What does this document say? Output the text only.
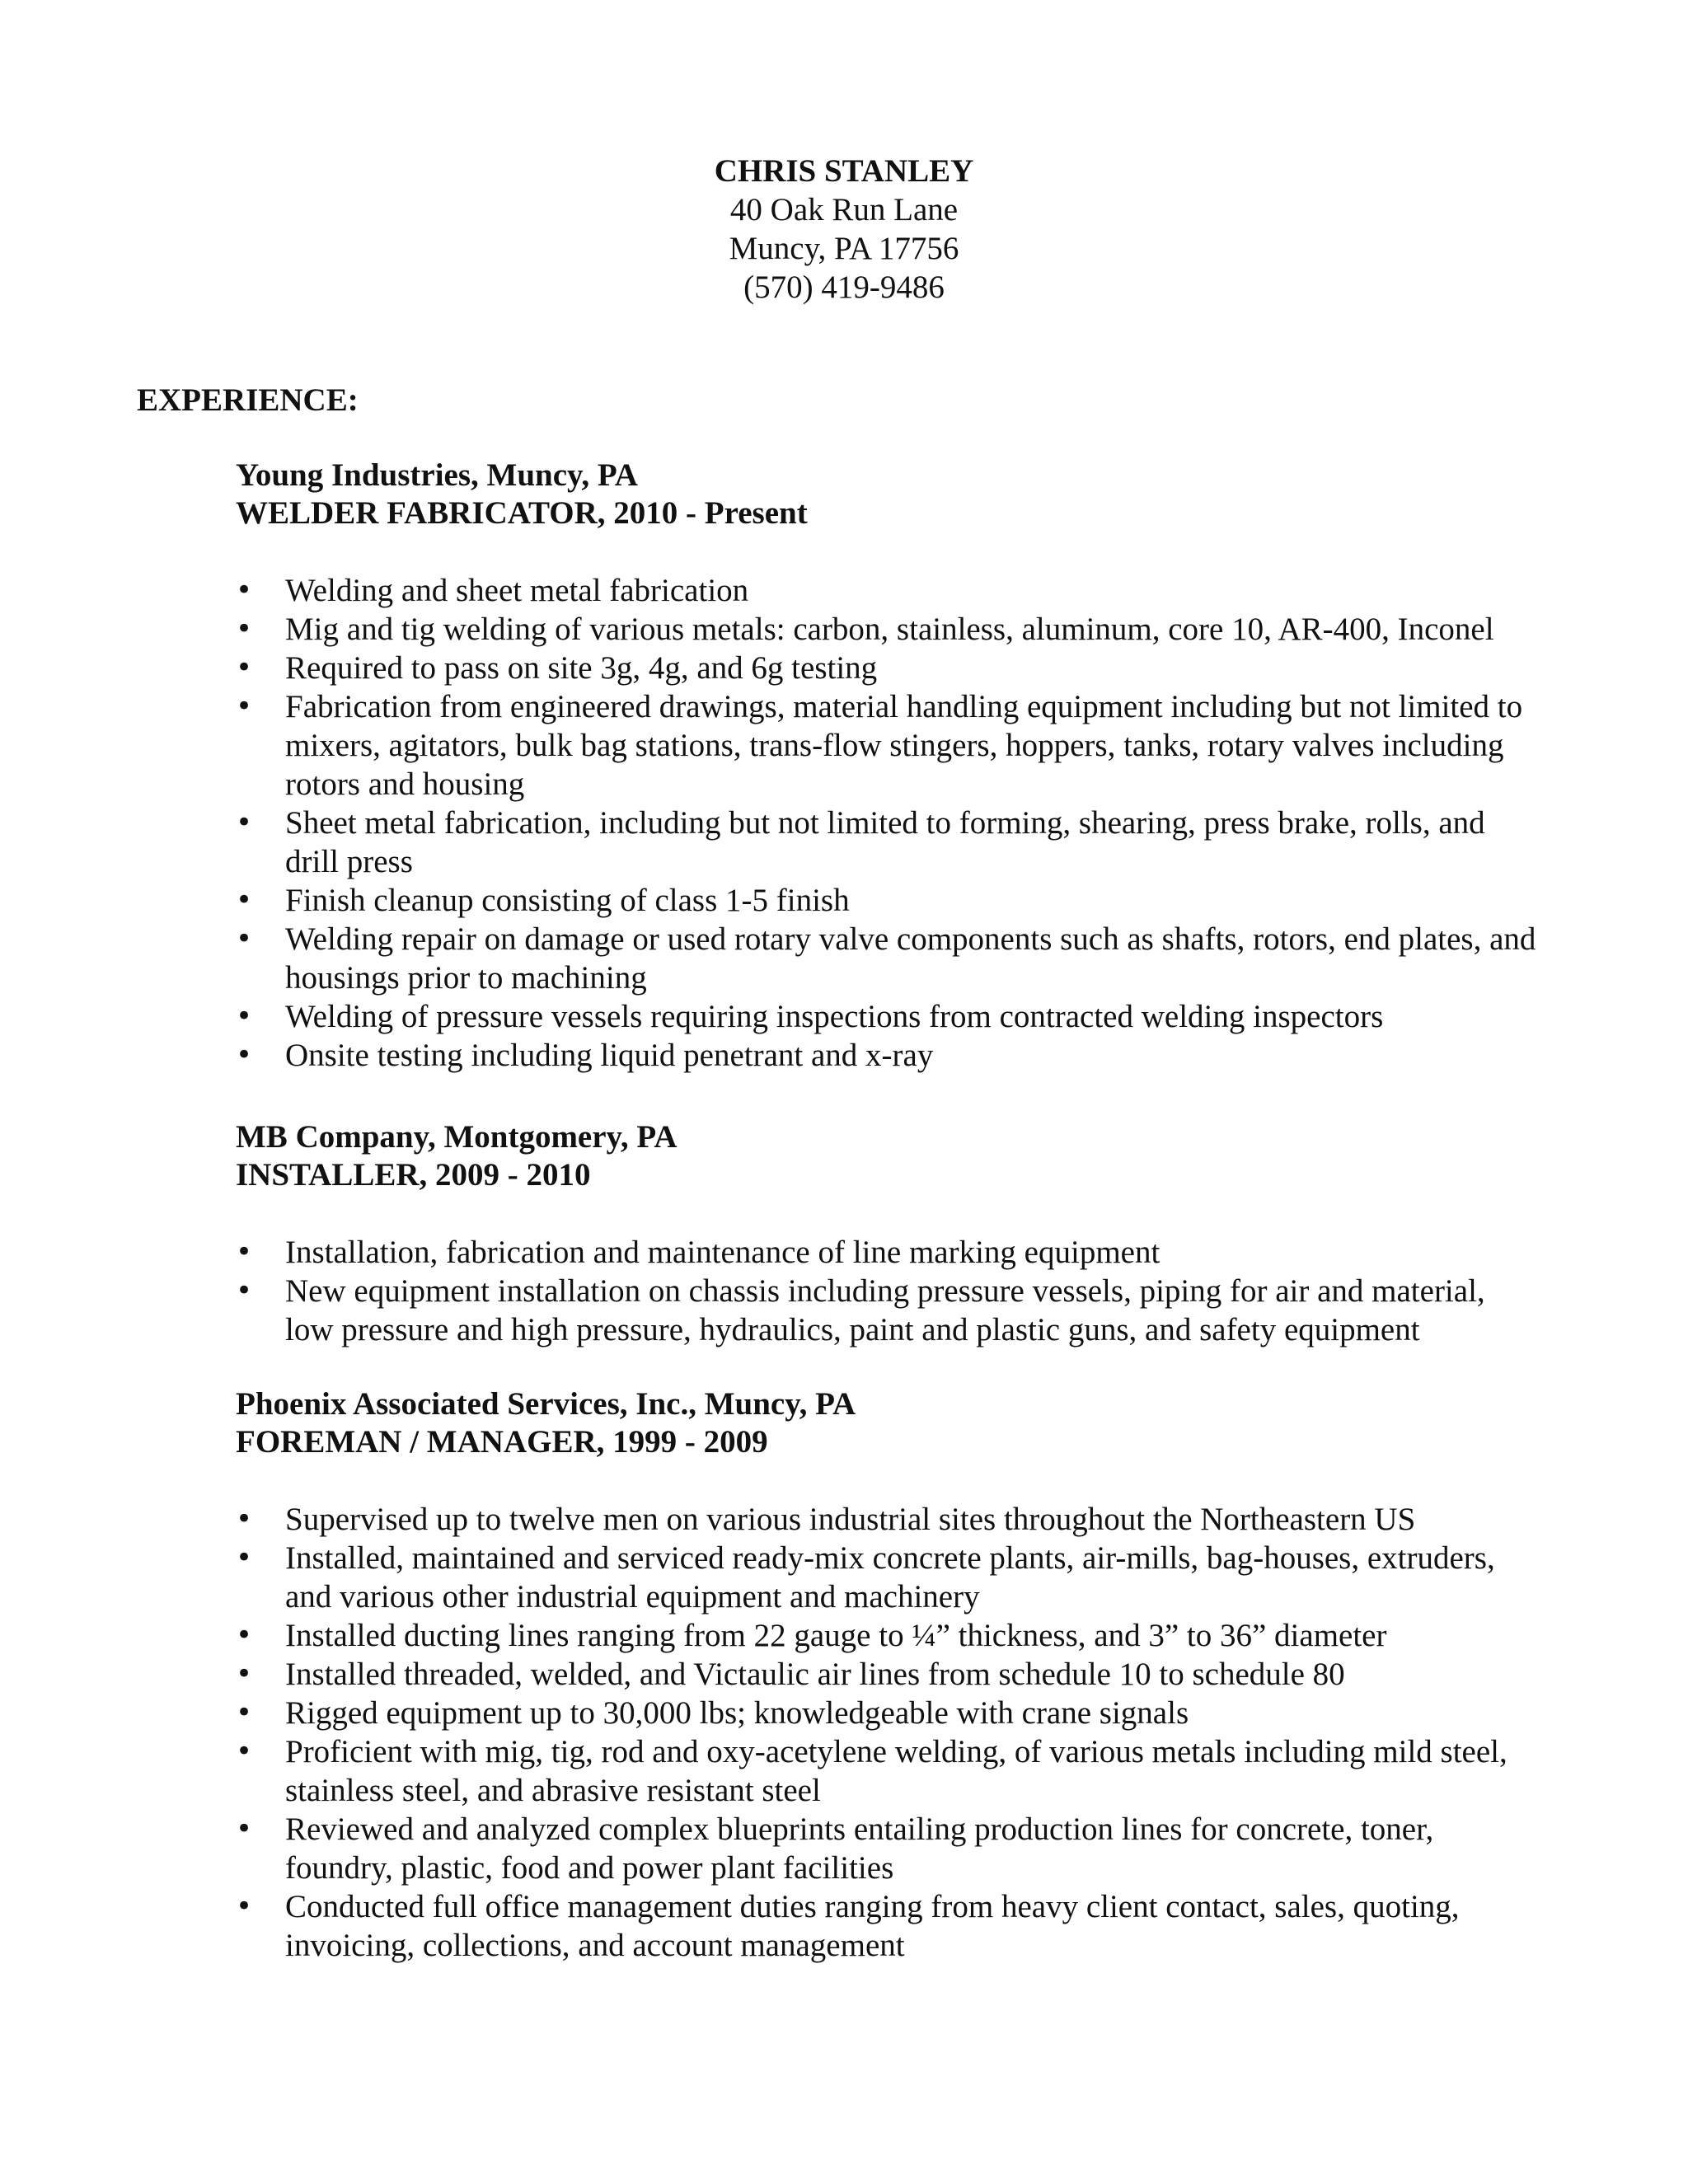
CHRIS STANLEY
40 Oak Run Lane
Muncy, PA 17756
(570) 419-9486
EXPERIENCE:
Young Industries, Muncy, PA
WELDER FABRICATOR, 2010 - Present
• Welding and sheet metal fabrication
• Mig and tig welding of various metals: carbon, stainless, aluminum, core 10, AR-400, Inconel
• Required to pass on site 3g, 4g, and 6g testing
• Fabrication from engineered drawings, material handling equipment including but not limited to mixers, agitators, bulk bag stations, trans-flow stingers, hoppers, tanks, rotary valves including rotors and housing
• Sheet metal fabrication, including but not limited to forming, shearing, press brake, rolls, and drill press
• Finish cleanup consisting of class 1-5 finish
• Welding repair on damage or used rotary valve components such as shafts, rotors, end plates, and housings prior to machining
• Welding of pressure vessels requiring inspections from contracted welding inspectors
• Onsite testing including liquid penetrant and x-ray
MB Company, Montgomery, PA
INSTALLER, 2009 - 2010
• Installation, fabrication and maintenance of line marking equipment
• New equipment installation on chassis including pressure vessels, piping for air and material, low pressure and high pressure, hydraulics, paint and plastic guns, and safety equipment
Phoenix Associated Services, Inc., Muncy, PA
FOREMAN / MANAGER, 1999 - 2009
• Supervised up to twelve men on various industrial sites throughout the Northeastern US
• Installed, maintained and serviced ready-mix concrete plants, air-mills, bag-houses, extruders, and various other industrial equipment and machinery
• Installed ducting lines ranging from 22 gauge to ¼” thickness, and 3” to 36” diameter
• Installed threaded, welded, and Victaulic air lines from schedule 10 to schedule 80
• Rigged equipment up to 30,000 lbs; knowledgeable with crane signals
• Proficient with mig, tig, rod and oxy-acetylene welding, of various metals including mild steel, stainless steel, and abrasive resistant steel
• Reviewed and analyzed complex blueprints entailing production lines for concrete, toner, foundry, plastic, food and power plant facilities
• Conducted full office management duties ranging from heavy client contact, sales, quoting, invoicing, collections, and account management
